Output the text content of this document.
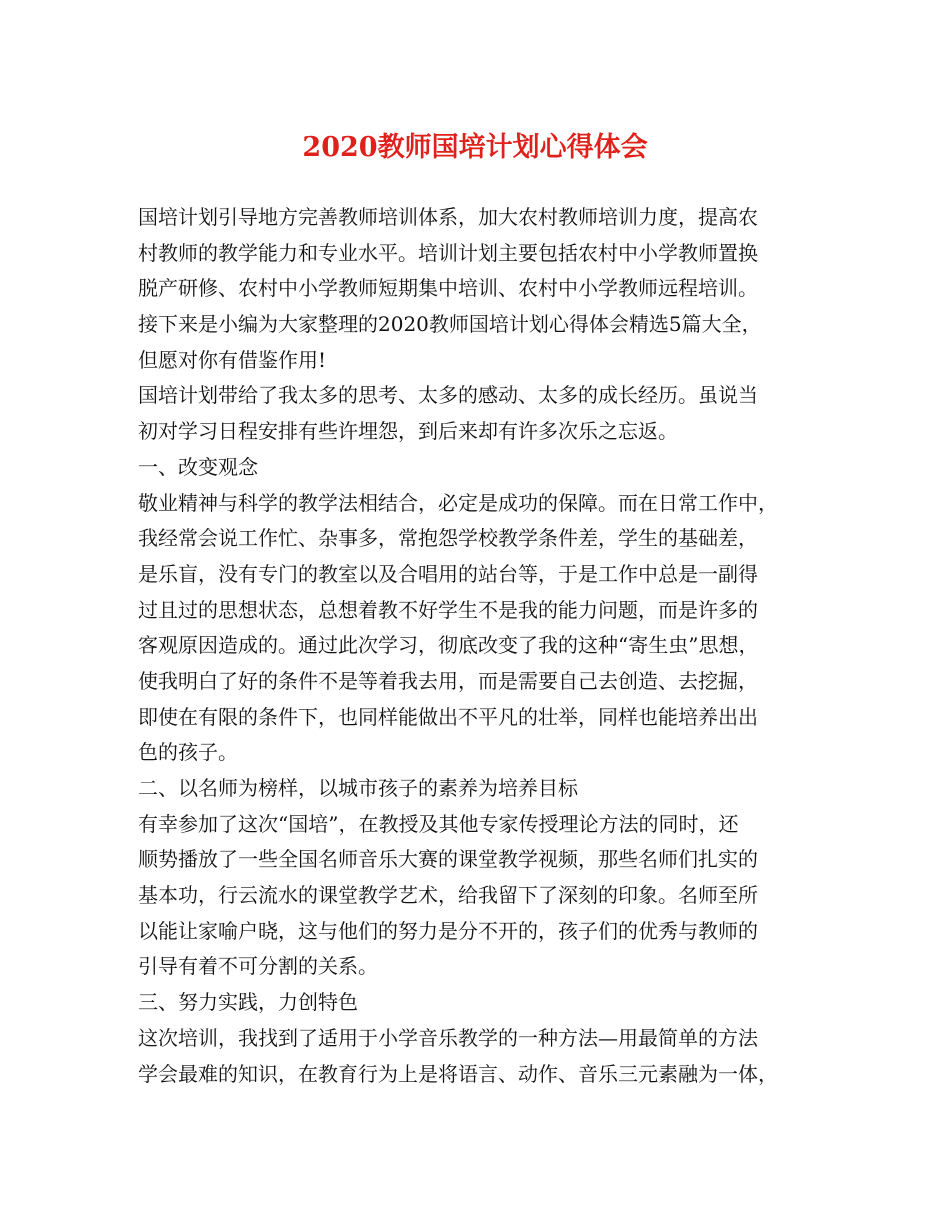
2020教师国培计划心得体会
国培计划引导地方完善教师培训体系，加大农村教师培训力度，提高农
村教师的教学能力和专业水平。培训计划主要包括农村中小学教师置换
脱产研修、农村中小学教师短期集中培训、农村中小学教师远程培训。
接下来是小编为大家整理的2020教师国培计划心得体会精选5篇大全，
但愿对你有借鉴作用!
国培计划带给了我太多的思考、太多的感动、太多的成长经历。虽说当
初对学习日程安排有些许埋怨，到后来却有许多次乐之忘返。
一、改变观念
敬业精神与科学的教学法相结合，必定是成功的保障。而在日常工作中，
我经常会说工作忙、杂事多，常抱怨学校教学条件差，学生的基础差，
是乐盲，没有专门的教室以及合唱用的站台等，于是工作中总是一副得
过且过的思想状态，总想着教不好学生不是我的能力问题，而是许多的
客观原因造成的。通过此次学习，彻底改变了我的这种“寄生虫”思想，
使我明白了好的条件不是等着我去用，而是需要自己去创造、去挖掘，
即使在有限的条件下，也同样能做出不平凡的壮举，同样也能培养出出
色的孩子。
二、以名师为榜样，以城市孩子的素养为培养目标
有幸参加了这次“国培”，在教授及其他专家传授理论方法的同时，还
顺势播放了一些全国名师音乐大赛的课堂教学视频，那些名师们扎实的
基本功，行云流水的课堂教学艺术，给我留下了深刻的印象。名师至所
以能让家喻户晓，这与他们的努力是分不开的，孩子们的优秀与教师的
引导有着不可分割的关系。
三、努力实践，力创特色
这次培训，我找到了适用于小学音乐教学的一种方法—用最简单的方法
学会最难的知识，在教育行为上是将语言、动作、音乐三元素融为一体，
